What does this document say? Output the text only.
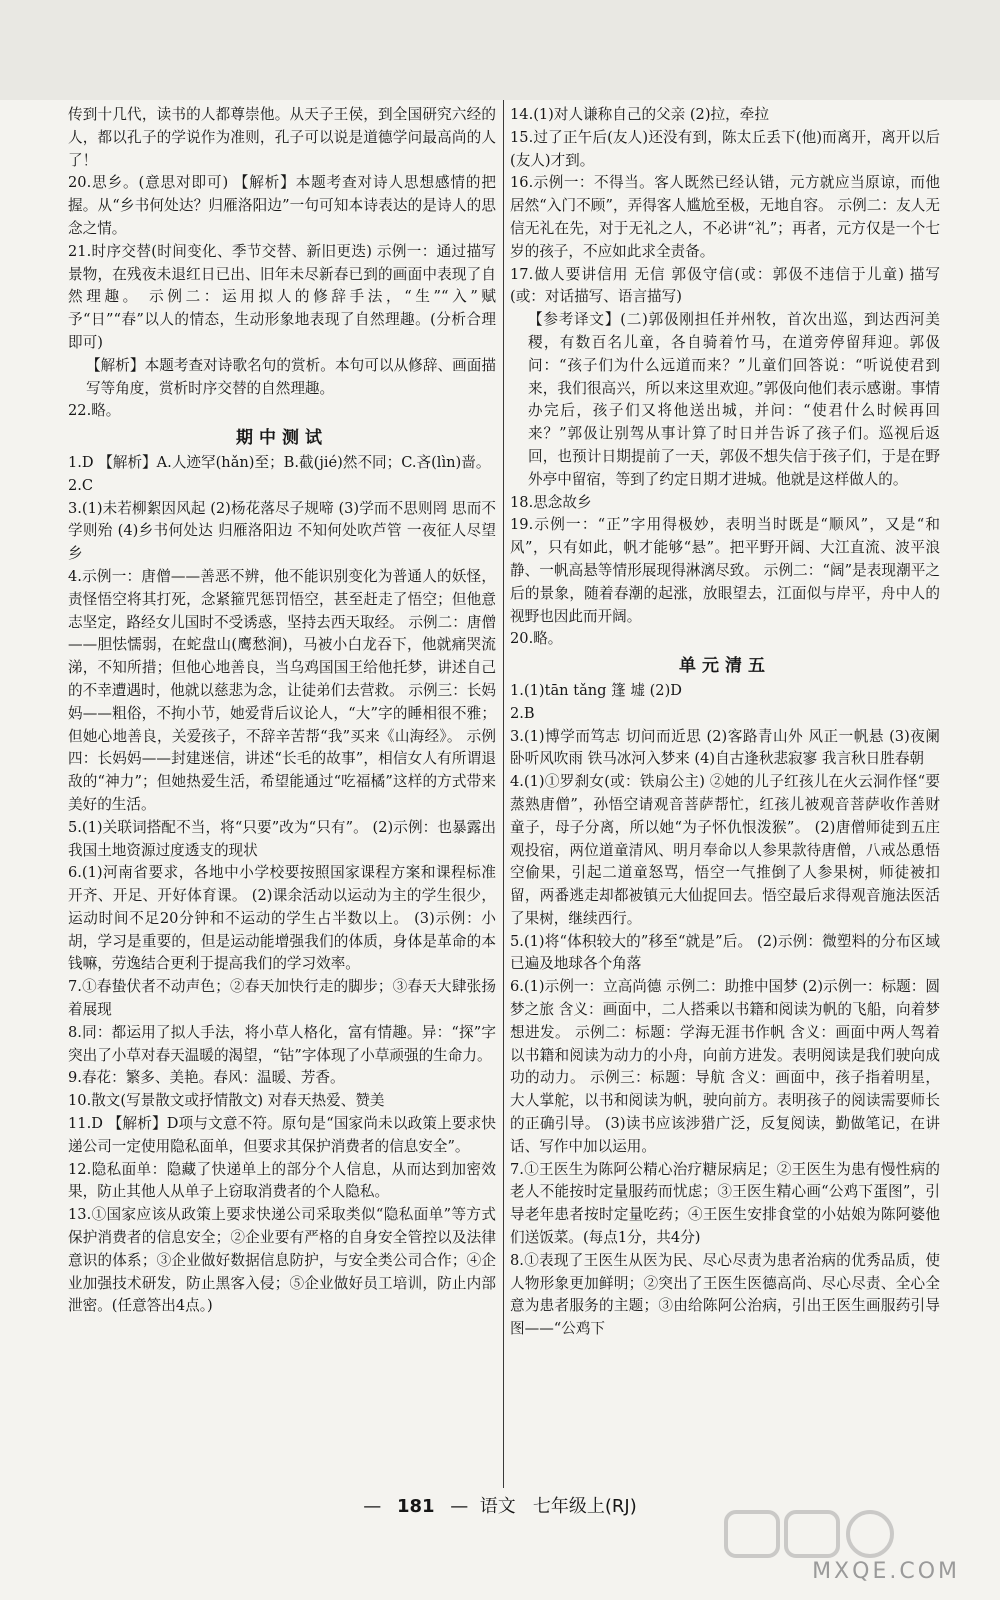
传到十几代，读书的人都尊崇他。从天子王侯，到全国研究六经的人，都以孔子的学说作为准则，孔子可以说是道德学问最高尚的人了！

20.思乡。(意思对即可) 【解析】本题考查对诗人思想感情的把握。从“乡书何处达？归雁洛阳边”一句可知本诗表达的是诗人的思念之情。

21.时序交替(时间变化、季节交替、新旧更迭) 示例一：通过描写景物，在残夜未退红日已出、旧年未尽新春已到的画面中表现了自然理趣。 示例二：运用拟人的修辞手法，“生”“入”赋予“日”“春”以人的情态，生动形象地表现了自然理趣。(分析合理即可)

【解析】本题考查对诗歌名句的赏析。本句可以从修辞、画面描写等角度，赏析时序交替的自然理趣。

22.略。

期中测试

1.D 【解析】A.人迹罕(hǎn)至；B.截(jié)然不同；C.吝(lìn)啬。

2.C

3.(1)未若柳絮因风起 (2)杨花落尽子规啼 (3)学而不思则罔 思而不学则殆 (4)乡书何处达 归雁洛阳边 不知何处吹芦管 一夜征人尽望乡

4.示例一：唐僧——善恶不辨，他不能识别变化为普通人的妖怪，责怪悟空将其打死，念紧箍咒惩罚悟空，甚至赶走了悟空；但他意志坚定，路经女儿国时不受诱惑，坚持去西天取经。 示例二：唐僧——胆怯懦弱，在蛇盘山(鹰愁涧)，马被小白龙吞下，他就痛哭流涕，不知所措；但他心地善良，当乌鸡国国王给他托梦，讲述自己的不幸遭遇时，他就以慈悲为念，让徒弟们去营救。 示例三：长妈妈——粗俗，不拘小节，她爱背后议论人，“大”字的睡相很不雅；但她心地善良，关爱孩子，不辞辛苦帮“我”买来《山海经》。 示例四：长妈妈——封建迷信，讲述“长毛的故事”，相信女人有所谓退敌的“神力”；但她热爱生活，希望能通过“吃福橘”这样的方式带来美好的生活。

5.(1)关联词搭配不当，将“只要”改为“只有”。 (2)示例：也暴露出我国土地资源过度透支的现状

6.(1)河南省要求，各地中小学校要按照国家课程方案和课程标准开齐、开足、开好体育课。 (2)课余活动以运动为主的学生很少，运动时间不足20分钟和不运动的学生占半数以上。 (3)示例：小胡，学习是重要的，但是运动能增强我们的体质，身体是革命的本钱嘛，劳逸结合更利于提高我们的学习效率。

7.①春蛰伏者不动声色；②春天加快行走的脚步；③春天大肆张扬着展现

8.同：都运用了拟人手法，将小草人格化，富有情趣。异：“探”字突出了小草对春天温暖的渴望，“钻”字体现了小草顽强的生命力。

9.春花：繁多、美艳。春风：温暖、芳香。

10.散文(写景散文或抒情散文) 对春天热爱、赞美

11.D 【解析】D项与文意不符。原句是“国家尚未以政策上要求快递公司一定使用隐私面单，但要求其保护消费者的信息安全”。

12.隐私面单：隐藏了快递单上的部分个人信息，从而达到加密效果，防止其他人从单子上窃取消费者的个人隐私。

13.①国家应该从政策上要求快递公司采取类似“隐私面单”等方式保护消费者的信息安全；②企业要有严格的自身安全管控以及法律意识的体系；③企业做好数据信息防护，与安全类公司合作；④企业加强技术研发，防止黑客入侵；⑤企业做好员工培训，防止内部泄密。(任意答出4点。)

14.(1)对人谦称自己的父亲 (2)拉，牵拉

15.过了正午后(友人)还没有到，陈太丘丢下(他)而离开，离开以后(友人)才到。

16.示例一：不得当。客人既然已经认错，元方就应当原谅，而他居然“入门不顾”，弄得客人尴尬至极，无地自容。 示例二：友人无信无礼在先，对于无礼之人，不必讲“礼”；再者，元方仅是一个七岁的孩子，不应如此求全责备。

17.做人要讲信用 无信 郭伋守信(或：郭伋不违信于儿童) 描写(或：对话描写、语言描写)

【参考译文】(二)郭伋刚担任并州牧，首次出巡，到达西河美稷，有数百名儿童，各自骑着竹马，在道旁停留拜迎。郭伋问：“孩子们为什么远道而来？”儿童们回答说：“听说使君到来，我们很高兴，所以来这里欢迎。”郭伋向他们表示感谢。事情办完后，孩子们又将他送出城，并问：“使君什么时候再回来？”郭伋让别驾从事计算了时日并告诉了孩子们。巡视后返回，也预计日期提前了一天，郭伋不想失信于孩子们，于是在野外亭中留宿，等到了约定日期才进城。他就是这样做人的。

18.思念故乡

19.示例一：“正”字用得极妙，表明当时既是“顺风”，又是“和风”，只有如此，帆才能够“悬”。把平野开阔、大江直流、波平浪静、一帆高悬等情形展现得淋漓尽致。 示例二：“阔”是表现潮平之后的景象，随着春潮的起涨，放眼望去，江面似与岸平，舟中人的视野也因此而开阔。

20.略。

单元清五

1.(1)tān tǎng 篷 墟 (2)D

2.B

3.(1)博学而笃志 切问而近思 (2)客路青山外 风正一帆悬 (3)夜阑卧听风吹雨 铁马冰河入梦来 (4)自古逢秋悲寂寥 我言秋日胜春朝

4.(1)①罗刹女(或：铁扇公主) ②她的儿子红孩儿在火云洞作怪“要蒸熟唐僧”，孙悟空请观音菩萨帮忙，红孩儿被观音菩萨收作善财童子，母子分离，所以她“为子怀仇恨泼猴”。 (2)唐僧师徒到五庄观投宿，两位道童清风、明月奉命以人参果款待唐僧，八戒怂恿悟空偷果，引起二道童怒骂，悟空一气推倒了人参果树，师徒被扣留，两番逃走却都被镇元大仙捉回去。悟空最后求得观音施法医活了果树，继续西行。

5.(1)将“体积较大的”移至“就是”后。 (2)示例：微塑料的分布区域已遍及地球各个角落

6.(1)示例一：立高尚德 示例二：助推中国梦 (2)示例一：标题：圆梦之旅 含义：画面中，二人搭乘以书籍和阅读为帆的飞船，向着梦想进发。 示例二：标题：学海无涯书作帆 含义：画面中两人驾着以书籍和阅读为动力的小舟，向前方进发。表明阅读是我们驶向成功的动力。 示例三：标题：导航 含义：画面中，孩子指着明星，大人掌舵，以书和阅读为帆，驶向前方。表明孩子的阅读需要师长的正确引导。 (3)读书应该涉猎广泛，反复阅读，勤做笔记，在讲话、写作中加以运用。

7.①王医生为陈阿公精心治疗糖尿病足；②王医生为患有慢性病的老人不能按时定量服药而忧虑；③王医生精心画“公鸡下蛋图”，引导老年患者按时定量吃药；④王医生安排食堂的小姑娘为陈阿婆他们送饭菜。(每点1分，共4分)

8.①表现了王医生从医为民、尽心尽责为患者治病的优秀品质，使人物形象更加鲜明；②突出了王医生医德高尚、尽心尽责、全心全意为患者服务的主题；③由给陈阿公治病，引出王医生画服药引导图——“公鸡下

— 181 — 语文 七年级上(RJ)
MXQE.COM
